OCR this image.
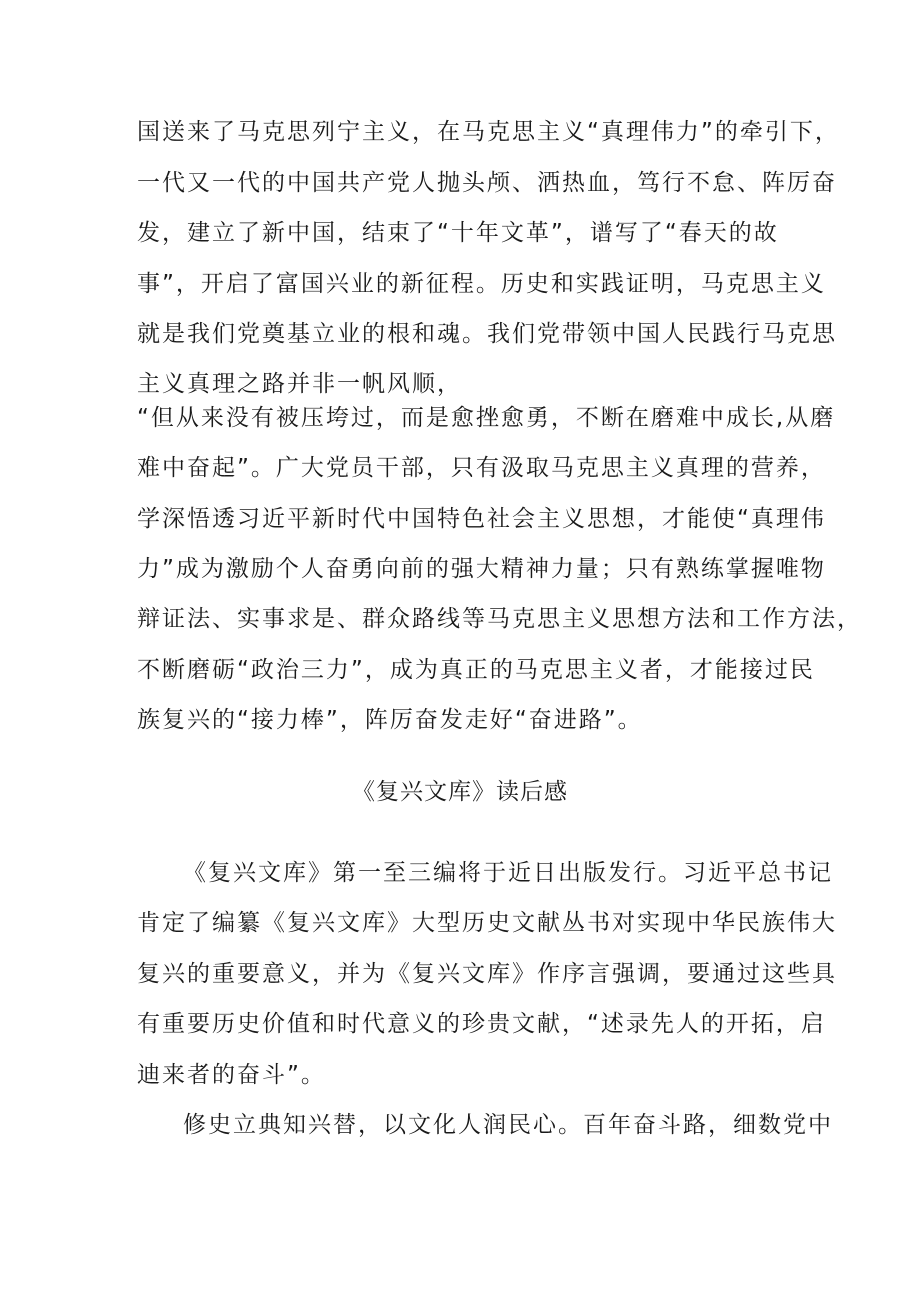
国送来了马克思列宁主义，在马克思主义“真理伟力”的牵引下，
一代又一代的中国共产党人抛头颅、洒热血，笃行不怠、阵厉奋
发，建立了新中国，结束了“十年文革”，谱写了“春天的故
事”，开启了富国兴业的新征程。历史和实践证明，马克思主义
就是我们党奠基立业的根和魂。我们党带领中国人民践行马克思
主义真理之路并非一帆风顺，
“但从来没有被压垮过，而是愈挫愈勇，不断在磨难中成长,从磨
难中奋起”。广大党员干部，只有汲取马克思主义真理的营养，
学深悟透习近平新时代中国特色社会主义思想，才能使“真理伟
力”成为激励个人奋勇向前的强大精神力量；只有熟练掌握唯物
辩证法、实事求是、群众路线等马克思主义思想方法和工作方法，
不断磨砺“政治三力”，成为真正的马克思主义者，才能接过民
族复兴的“接力棒”，阵厉奋发走好“奋进路”。
《复兴文库》读后感
《复兴文库》第一至三编将于近日出版发行。习近平总书记
肯定了编纂《复兴文库》大型历史文献丛书对实现中华民族伟大
复兴的重要意义，并为《复兴文库》作序言强调，要通过这些具
有重要历史价值和时代意义的珍贵文献，“述录先人的开拓，启
迪来者的奋斗”。
修史立典知兴替，以文化人润民心。百年奋斗路，细数党中
